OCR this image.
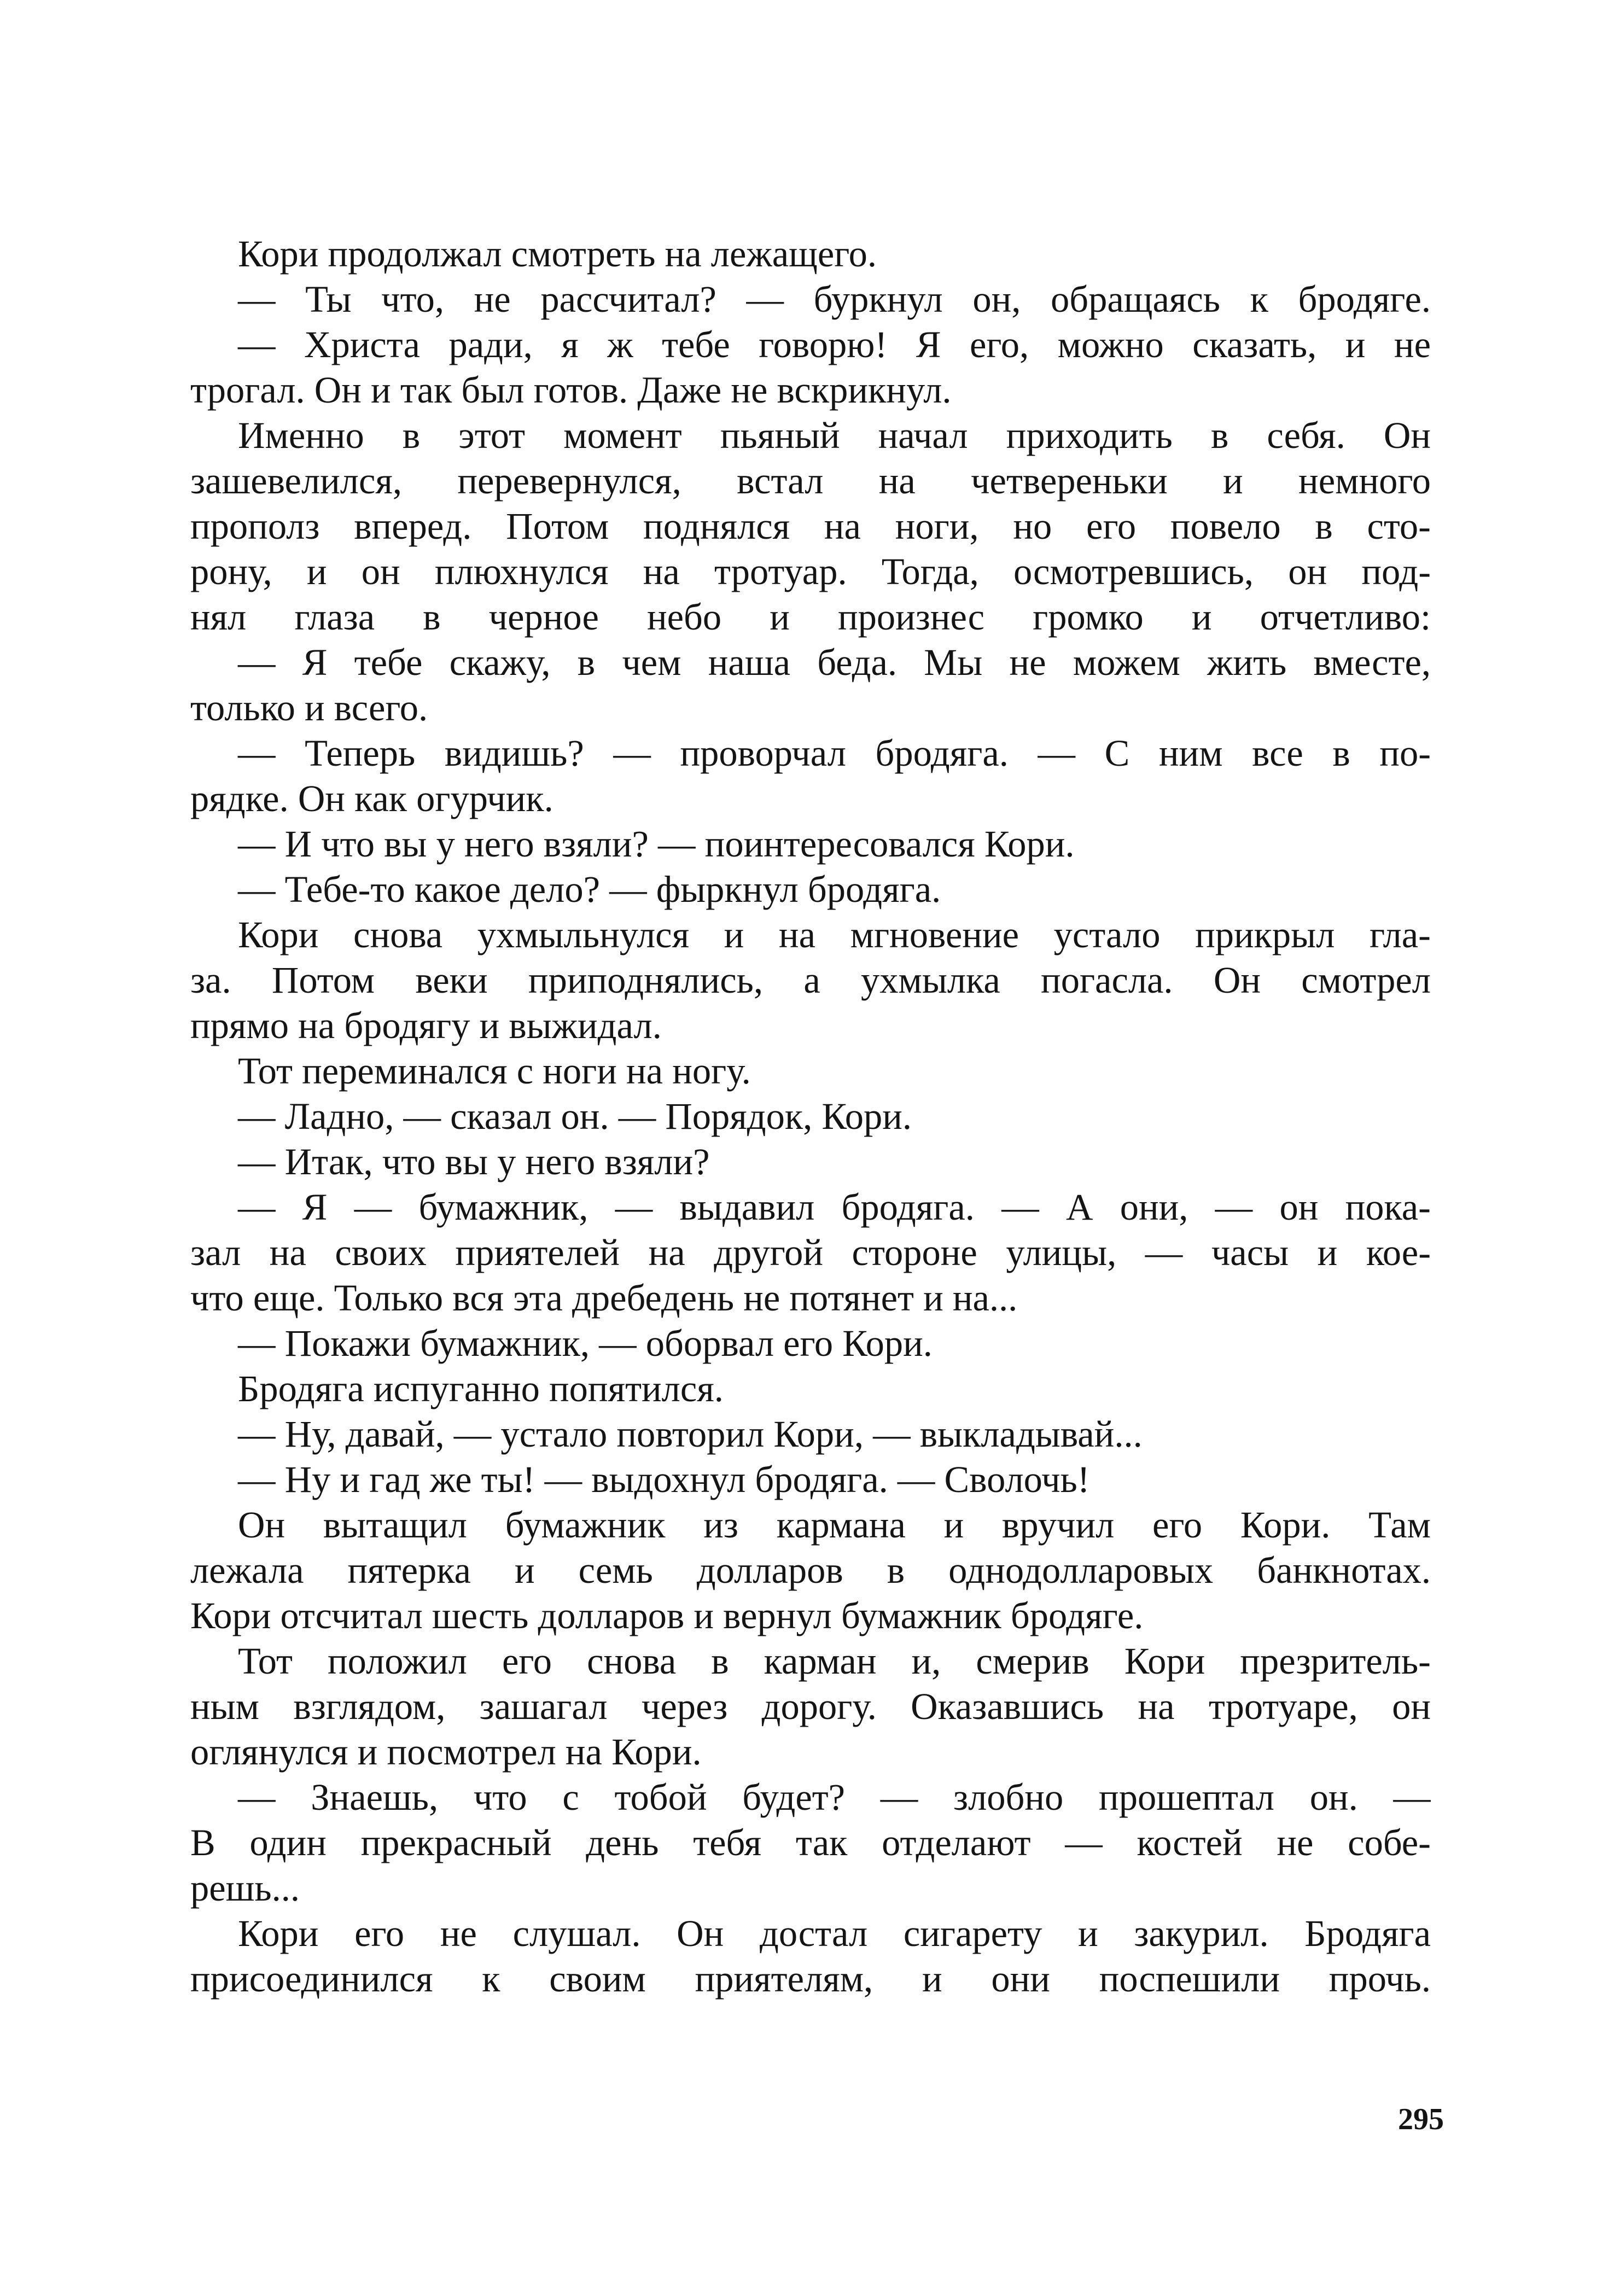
Кори продолжал смотреть на лежащего.
— Ты что, не рассчитал? — буркнул он, обращаясь к бродяге.
— Христа ради, я ж тебе говорю! Я его, можно сказать, и не
трогал. Он и так был готов. Даже не вскрикнул.
Именно в этот момент пьяный начал приходить в себя. Он
зашевелился, перевернулся, встал на четвереньки и немного
прополз вперед. Потом поднялся на ноги, но его повело в сто-
рону, и он плюхнулся на тротуар. Тогда, осмотревшись, он под-
нял глаза в черное небо и произнес громко и отчетливо:
— Я тебе скажу, в чем наша беда. Мы не можем жить вместе,
только и всего.
— Теперь видишь? — проворчал бродяга. — С ним все в по-
рядке. Он как огурчик.
— И что вы у него взяли? — поинтересовался Кори.
— Тебе-то какое дело? — фыркнул бродяга.
Кори снова ухмыльнулся и на мгновение устало прикрыл гла-
за. Потом веки приподнялись, а ухмылка погасла. Он смотрел
прямо на бродягу и выжидал.
Тот переминался с ноги на ногу.
— Ладно, — сказал он. — Порядок, Кори.
— Итак, что вы у него взяли?
— Я — бумажник, — выдавил бродяга. — А они, — он пока-
зал на своих приятелей на другой стороне улицы, — часы и кое-
что еще. Только вся эта дребедень не потянет и на...
— Покажи бумажник, — оборвал его Кори.
Бродяга испуганно попятился.
— Ну, давай, — устало повторил Кори, — выкладывай...
— Ну и гад же ты! — выдохнул бродяга. — Сволочь!
Он вытащил бумажник из кармана и вручил его Кори. Там
лежала пятерка и семь долларов в однодолларовых банкнотах.
Кори отсчитал шесть долларов и вернул бумажник бродяге.
Тот положил его снова в карман и, смерив Кори презритель-
ным взглядом, зашагал через дорогу. Оказавшись на тротуаре, он
оглянулся и посмотрел на Кори.
— Знаешь, что с тобой будет? — злобно прошептал он. —
В один прекрасный день тебя так отделают — костей не собе-
решь...
Кори его не слушал. Он достал сигарету и закурил. Бродяга
присоединился к своим приятелям, и они поспешили прочь.
295
